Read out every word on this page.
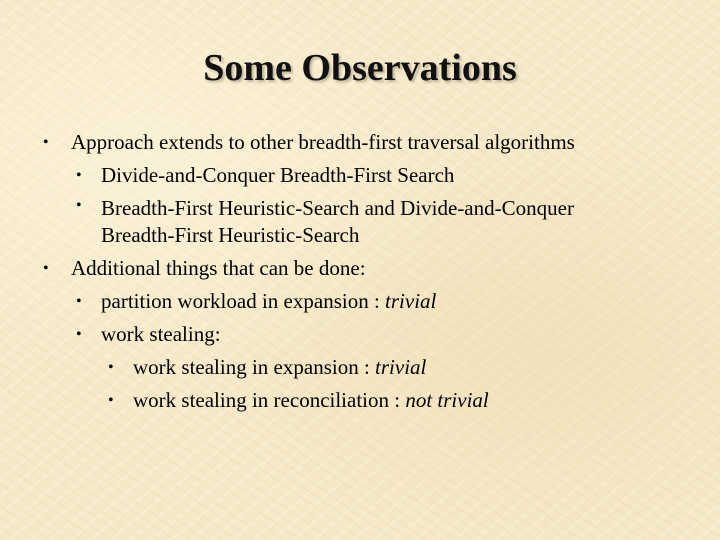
Some Observations
• Approach extends to other breadth-first traversal algorithms
• Divide-and-Conquer Breadth-First Search
• Breadth-First Heuristic-Search and Divide-and-Conquer
Breadth-First Heuristic-Search
• Additional things that can be done:
• partition workload in expansion : trivial
• work stealing:
• work stealing in expansion : trivial
• work stealing in reconciliation : not trivial
